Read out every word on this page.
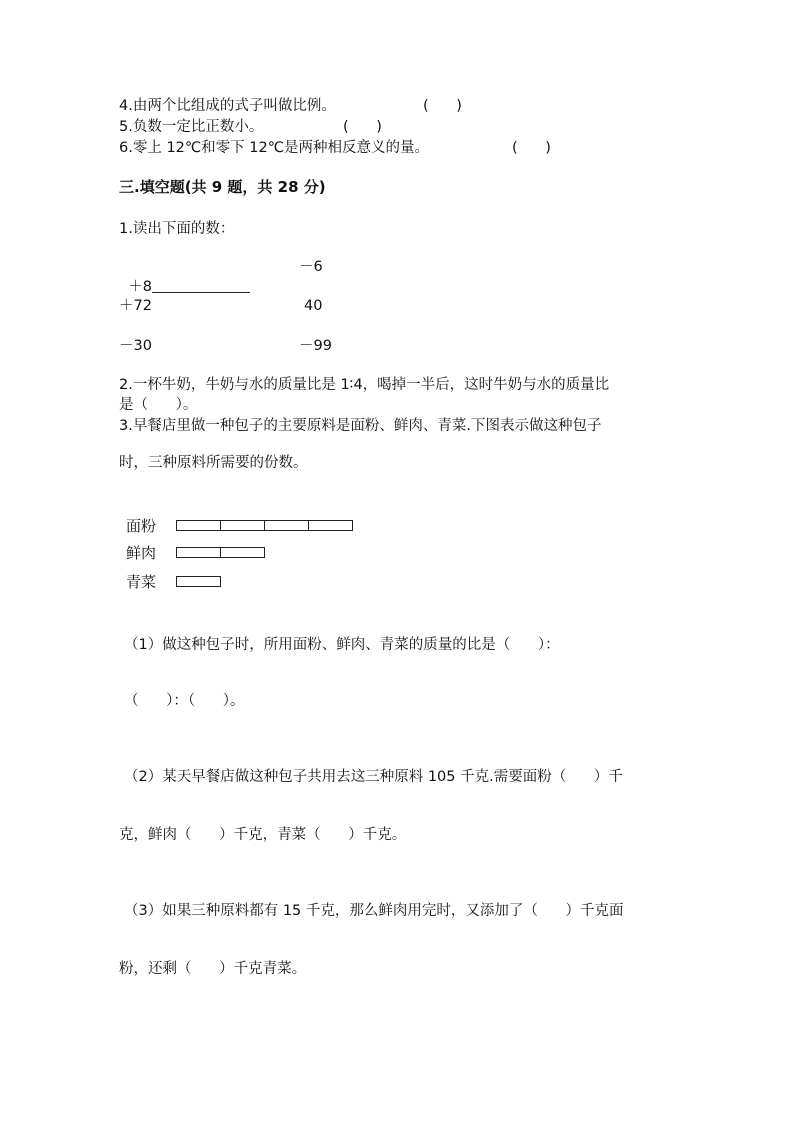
4.由两个比组成的式子叫做比例。	(      )
5.负数一定比正数小。	(      )
6.零上 12℃和零下 12℃是两种相反意义的量。	(      )
三.填空题(共 9 题，共 28 分)
1.读出下面的数：

＋8

－6
＋72	40
－30	－99
2.一杯牛奶，牛奶与水的质量比是 1∶4，喝掉一半后，这时牛奶与水的质量比
是（      ）。
3.早餐店里做一种包子的主要原料是面粉、鲜肉、青菜.下图表示做这种包子
时，三种原料所需要的份数。
面粉
鲜肉
青菜
（1）做这种包子时，所用面粉、鲜肉、青菜的质量的比是（      ）：
（      ）：（      ）。
（2）某天早餐店做这种包子共用去这三种原料 105 千克.需要面粉（      ）千
克，鲜肉（      ）千克，青菜（      ）千克。
（3）如果三种原料都有 15 千克，那么鲜肉用完时，又添加了（      ）千克面
粉，还剩（      ）千克青菜。
